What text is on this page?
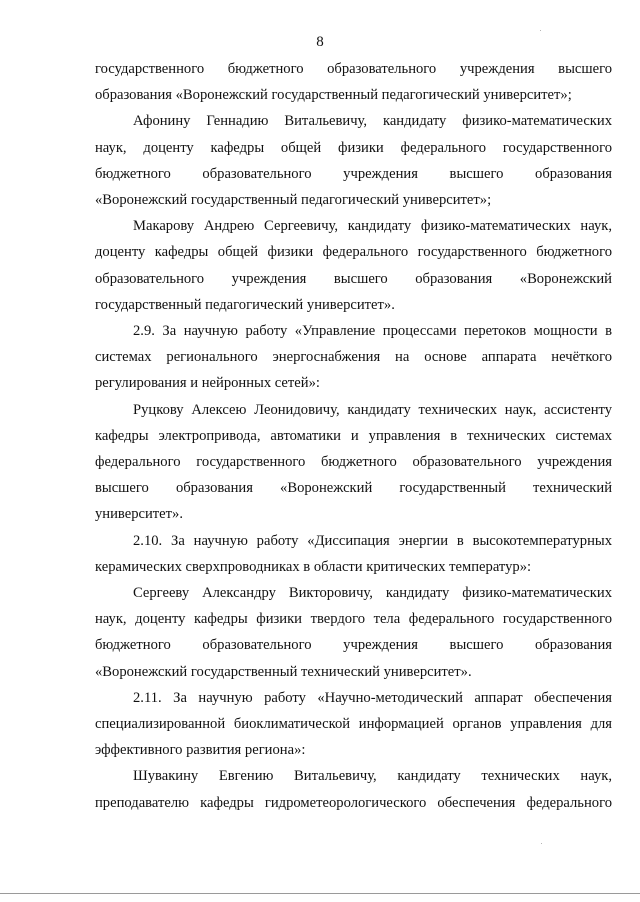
8

государственного бюджетного образовательного учреждения высшего
образования «Воронежский государственный педагогический университет»;

Афонину Геннадию Витальевичу, кандидату физико-математических
наук, доценту кафедры общей физики федерального государственного
бюджетного образовательного учреждения высшего образования
«Воронежский государственный педагогический университет»;

Макарову Андрею Сергеевичу, кандидату физико-математических наук,
доценту кафедры общей физики федерального государственного бюджетного
образовательного учреждения высшего образования «Воронежский
государственный педагогический университет».

2.9. За научную работу «Управление процессами перетоков мощности в
системах регионального энергоснабжения на основе аппарата нечёткого
регулирования и нейронных сетей»:

Руцкову Алексею Леонидовичу, кандидату технических наук, ассистенту
кафедры электропривода, автоматики и управления в технических системах
федерального государственного бюджетного образовательного учреждения
высшего образования «Воронежский государственный технический
университет».

2.10. За научную работу «Диссипация энергии в высокотемпературных
керамических сверхпроводниках в области критических температур»:

Сергееву Александру Викторовичу, кандидату физико-математических
наук, доценту кафедры физики твердого тела федерального государственного
бюджетного образовательного учреждения высшего образования
«Воронежский государственный технический университет».

2.11. За научную работу «Научно-методический аппарат обеспечения
специализированной биоклиматической информацией органов управления для
эффективного развития региона»:

Шувакину Евгению Витальевичу, кандидату технических наук,
преподавателю кафедры гидрометеорологического обеспечения федерального
